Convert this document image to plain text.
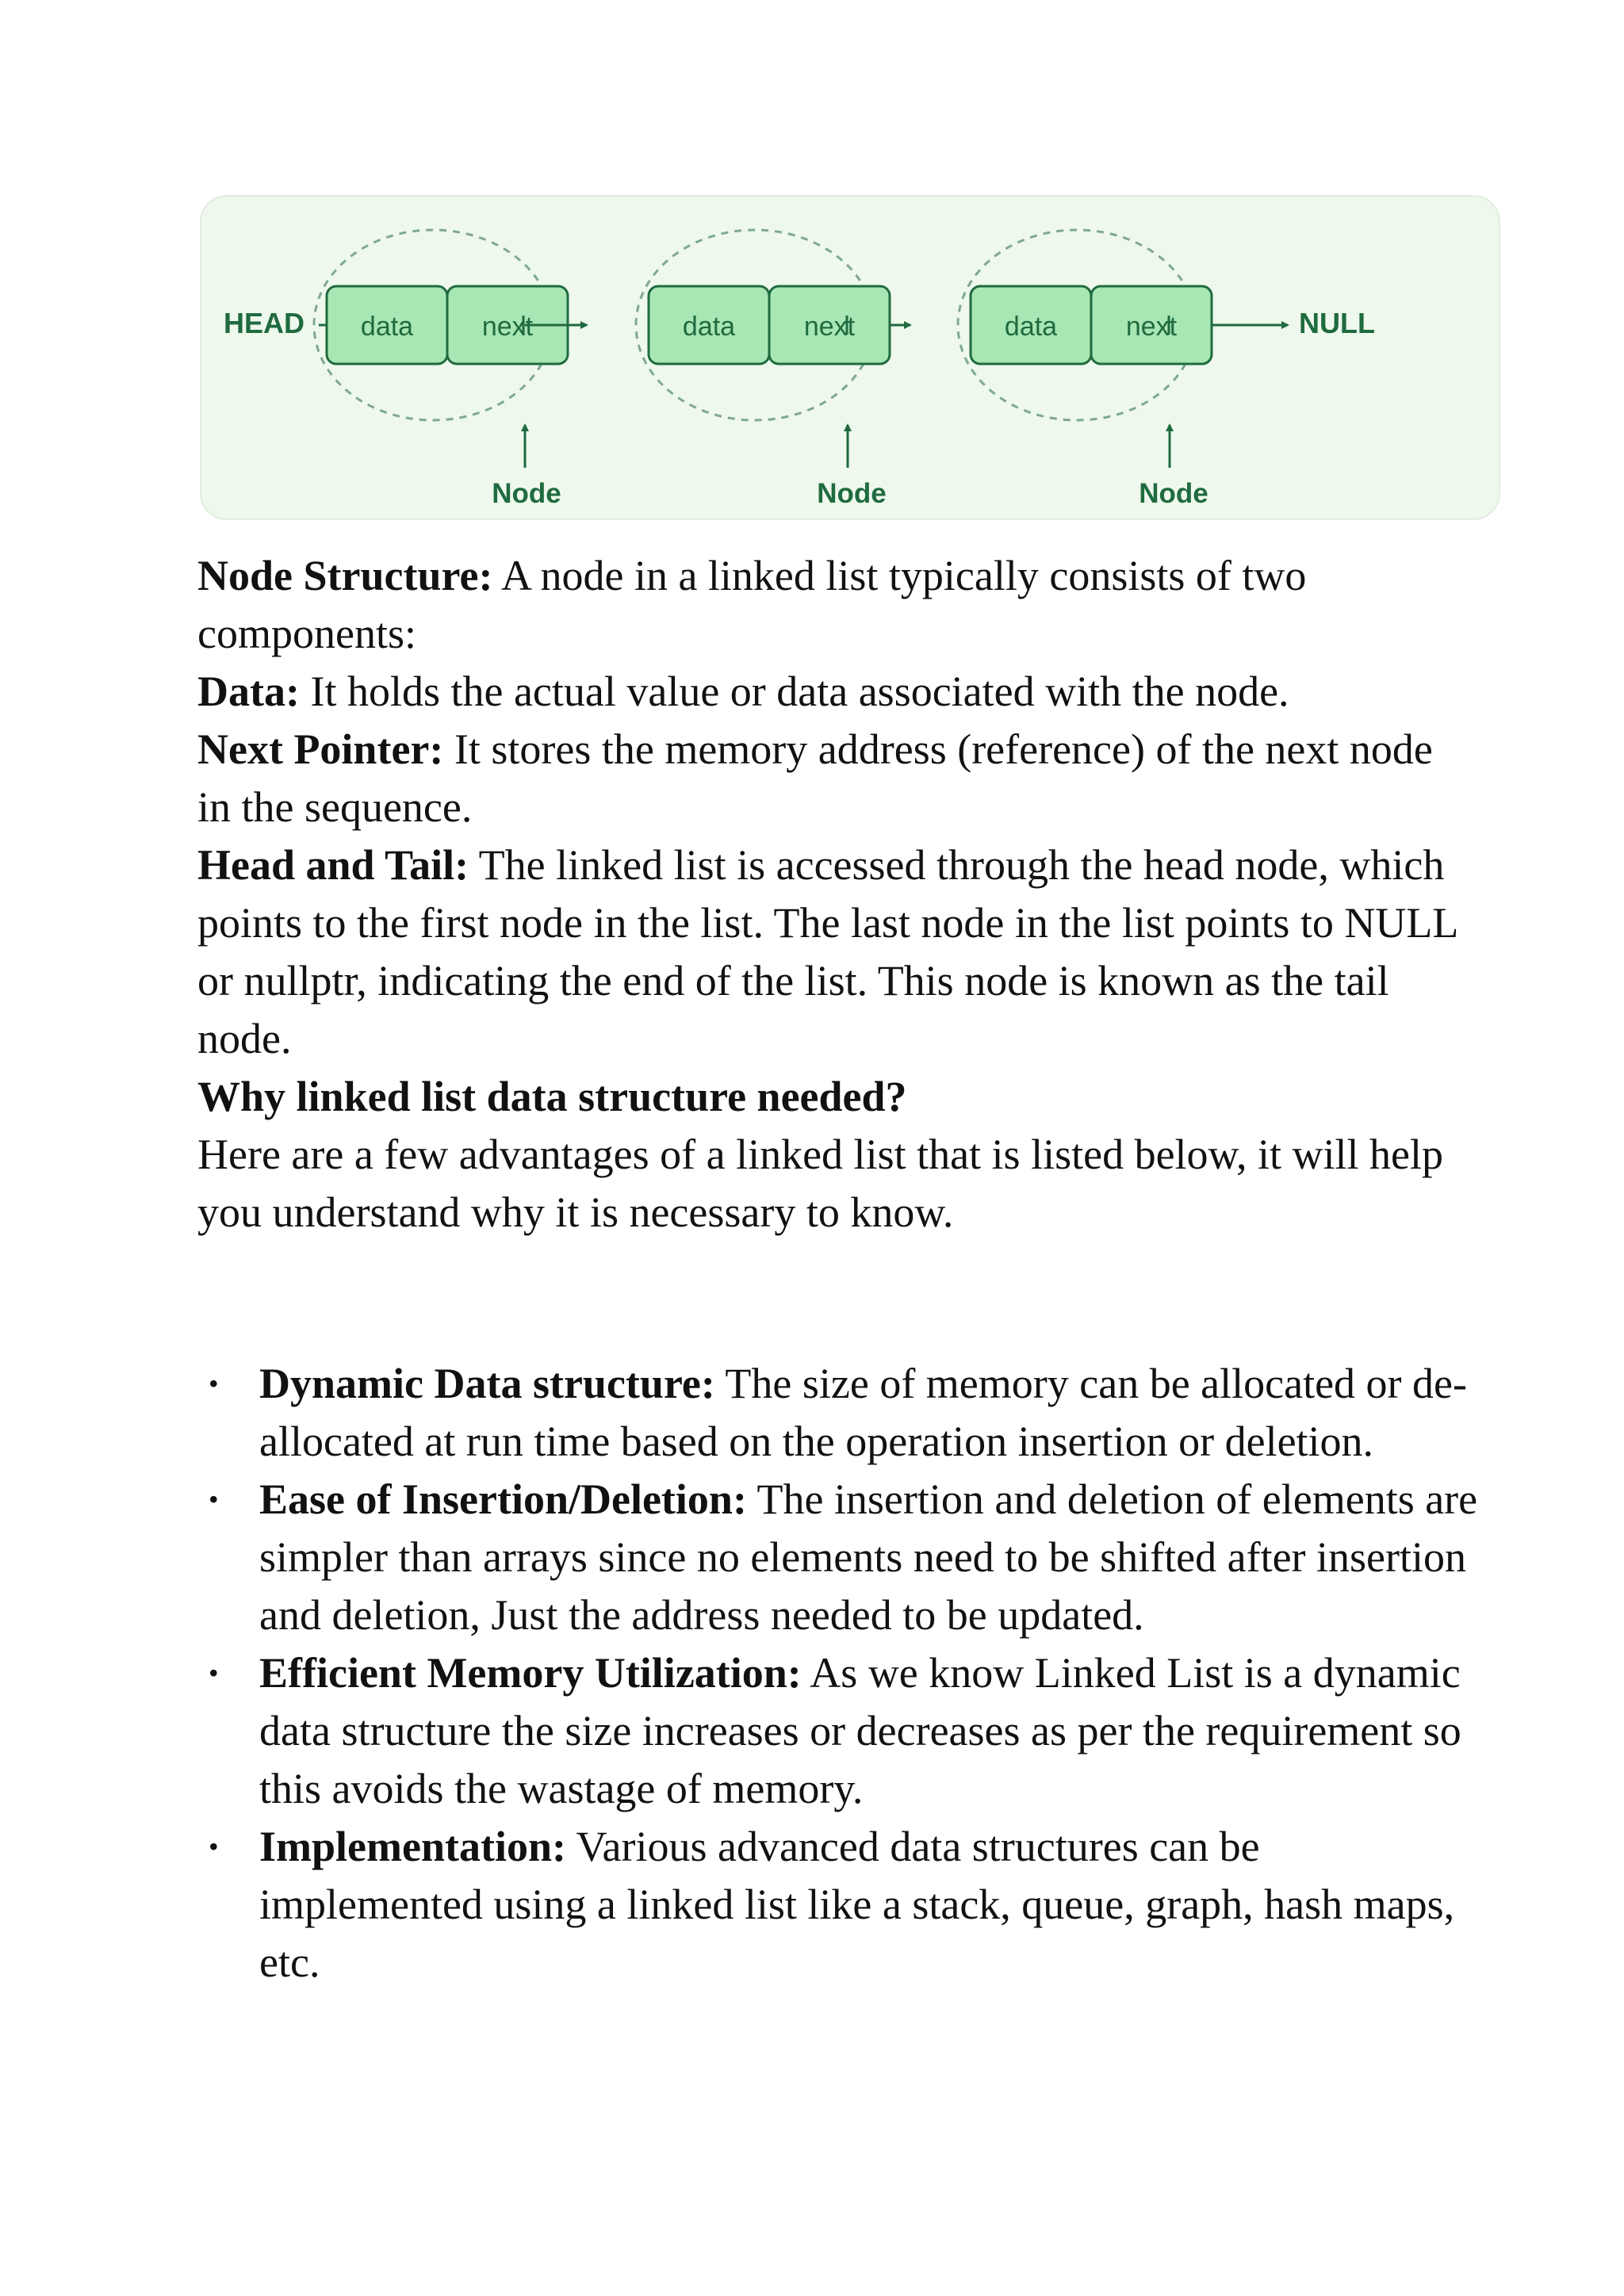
HEAD data	next	data	next	data	next	NULL
Node	Node	Node

Node Structure: A node in a linked list typically consists of two components:

Data: It holds the actual value or data associated with the node.

Next Pointer: It stores the memory address (reference) of the next node in the sequence.

Head and Tail: The linked list is accessed through the head node, which points to the first node in the list. The last node in the list points to NULL or nullptr, indicating the end of the list. This node is known as the tail node.

Why linked list data structure needed?

Here are a few advantages of a linked list that is listed below, it will help you understand why it is necessary to know.

• Dynamic Data structure: The size of memory can be allocated or de-allocated at run time based on the operation insertion or deletion.
• Ease of Insertion/Deletion: The insertion and deletion of elements are simpler than arrays since no elements need to be shifted after insertion and deletion, Just the address needed to be updated.
• Efficient Memory Utilization: As we know Linked List is a dynamic data structure the size increases or decreases as per the requirement so this avoids the wastage of memory.
• Implementation: Various advanced data structures can be implemented using a linked list like a stack, queue, graph, hash maps, etc.
